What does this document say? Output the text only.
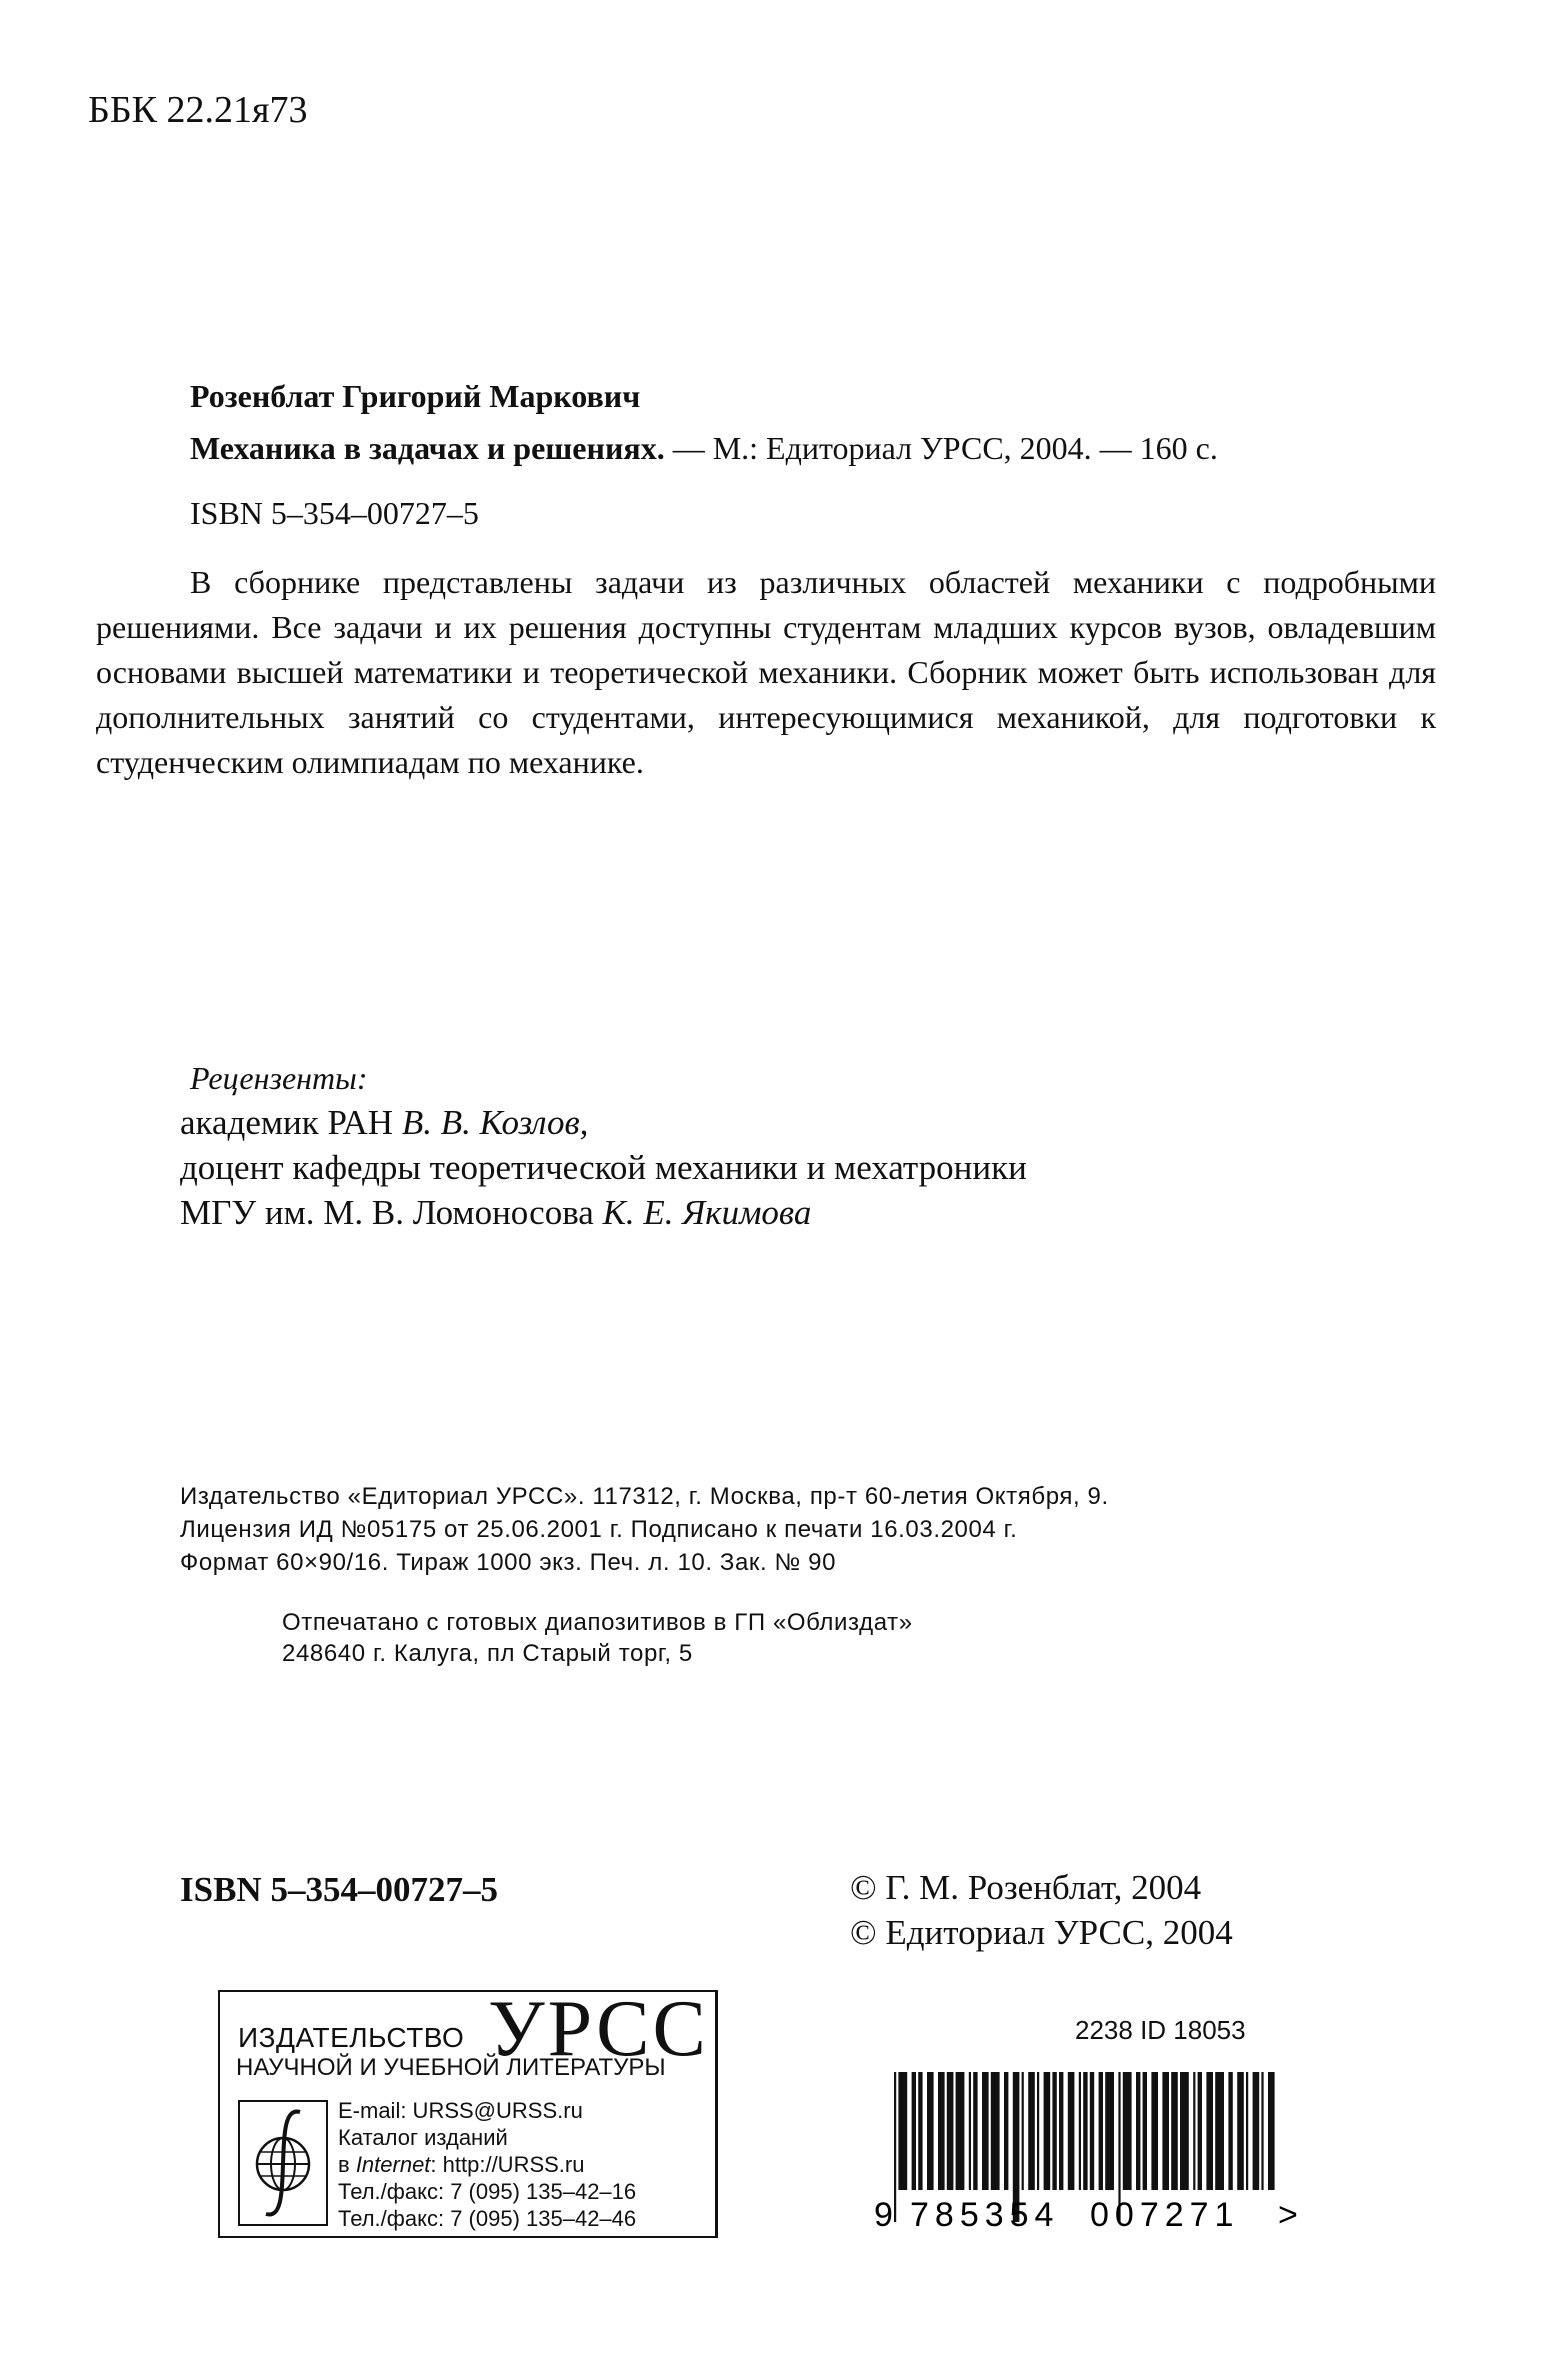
ББК 22.21я73
Розенблат Григорий Маркович
Механика в задачах и решениях. — М.: Едиториал УРСС, 2004. — 160 с.
ISBN 5–354–00727–5
В сборнике представлены задачи из различных областей механики с подробными решениями. Все задачи и их решения доступны студентам младших курсов вузов, овладевшим основами высшей математики и теоретической механики. Сборник может быть использован для дополнительных занятий со студентами, интересующимися механикой, для подготовки к студенческим олимпиадам по механике.
Рецензенты:
академик РАН В. В. Козлов,
доцент кафедры теоретической механики и мехатроники
МГУ им. М. В. Ломоносова К. Е. Якимова
Издательство «Едиториал УРСС». 117312, г. Москва, пр-т 60-летия Октября, 9.
Лицензия ИД №05175 от 25.06.2001 г. Подписано к печати 16.03.2004 г.
Формат 60×90/16. Тираж 1000 экз. Печ. л. 10. Зак. № 90
Отпечатано с готовых диапозитивов в ГП «Облиздат»
248640 г. Калуга, пл Старый торг, 5
ISBN 5–354–00727–5	© Г. М. Розенблат, 2004
© Едиториал УРСС, 2004
ИЗДАТЕЛЬСТВО УРСС
НАУЧНОЙ И УЧЕБНОЙ ЛИТЕРАТУРЫ
E-mail: URSS@URSS.ru
Каталог изданий
в Internet: http://URSS.ru
Тел./факс: 7 (095) 135–42–16
Тел./факс: 7 (095) 135–42–46
2238 ID 18053
9 785354 007271 >
